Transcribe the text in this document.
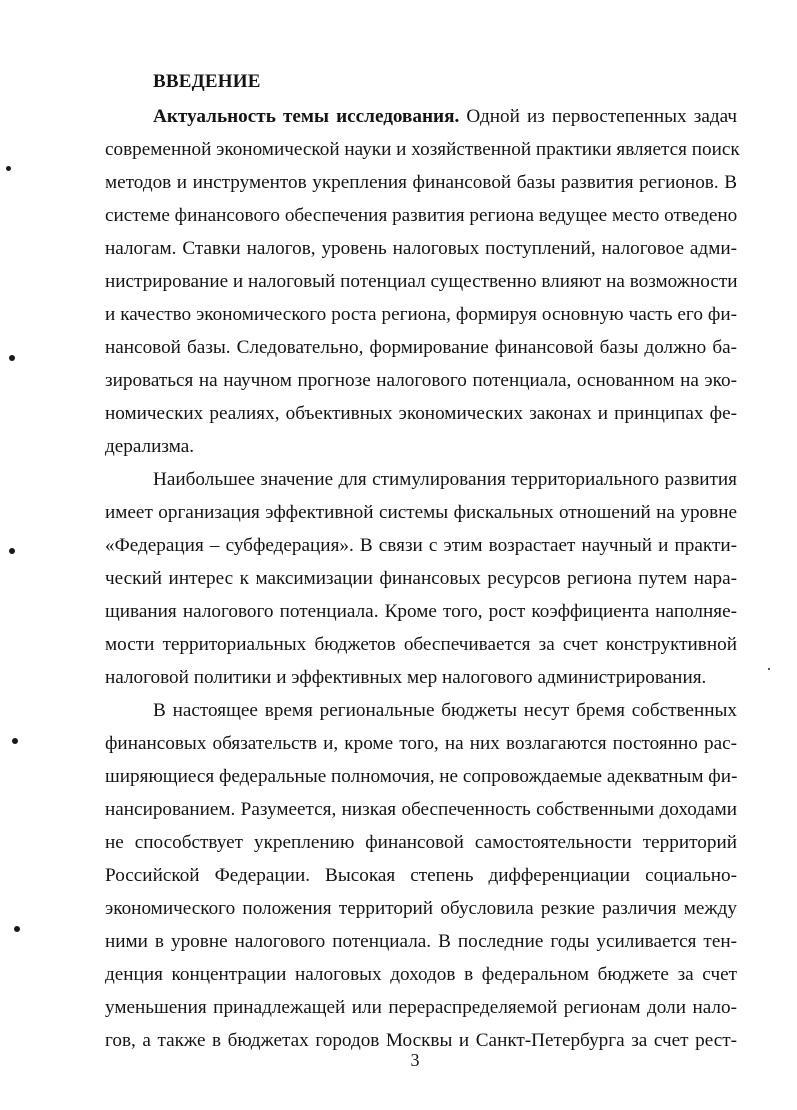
ВВЕДЕНИЕ
Актуальность темы исследования. Одной из первостепенных задач
современной экономической науки и хозяйственной практики является поиск
методов и инструментов укрепления финансовой базы развития регионов. В
системе финансового обеспечения развития региона ведущее место отведено
налогам. Ставки налогов, уровень налоговых поступлений, налоговое адми-
нистрирование и налоговый потенциал существенно влияют на возможности
и качество экономического роста региона, формируя основную часть его фи-
нансовой базы. Следовательно, формирование финансовой базы должно ба-
зироваться на научном прогнозе налогового потенциала, основанном на эко-
номических реалиях, объективных экономических законах и принципах фе-
дерализма.
Наибольшее значение для стимулирования территориального развития
имеет организация эффективной системы фискальных отношений на уровне
«Федерация – субфедерация». В связи с этим возрастает научный и практи-
ческий интерес к максимизации финансовых ресурсов региона путем нара-
щивания налогового потенциала. Кроме того, рост коэффициента наполняе-
мости территориальных бюджетов обеспечивается за счет конструктивной
налоговой политики и эффективных мер налогового администрирования.
В настоящее время региональные бюджеты несут бремя собственных
финансовых обязательств и, кроме того, на них возлагаются постоянно рас-
ширяющиеся федеральные полномочия, не сопровождаемые адекватным фи-
нансированием. Разумеется, низкая обеспеченность собственными доходами
не способствует укреплению финансовой самостоятельности территорий
Российской Федерации. Высокая степень дифференциации социально-
экономического положения территорий обусловила резкие различия между
ними в уровне налогового потенциала. В последние годы усиливается тен-
денция концентрации налоговых доходов в федеральном бюджете за счет
уменьшения принадлежащей или перераспределяемой регионам доли нало-
гов, а также в бюджетах городов Москвы и Санкт-Петербурга за счет рест-
3
